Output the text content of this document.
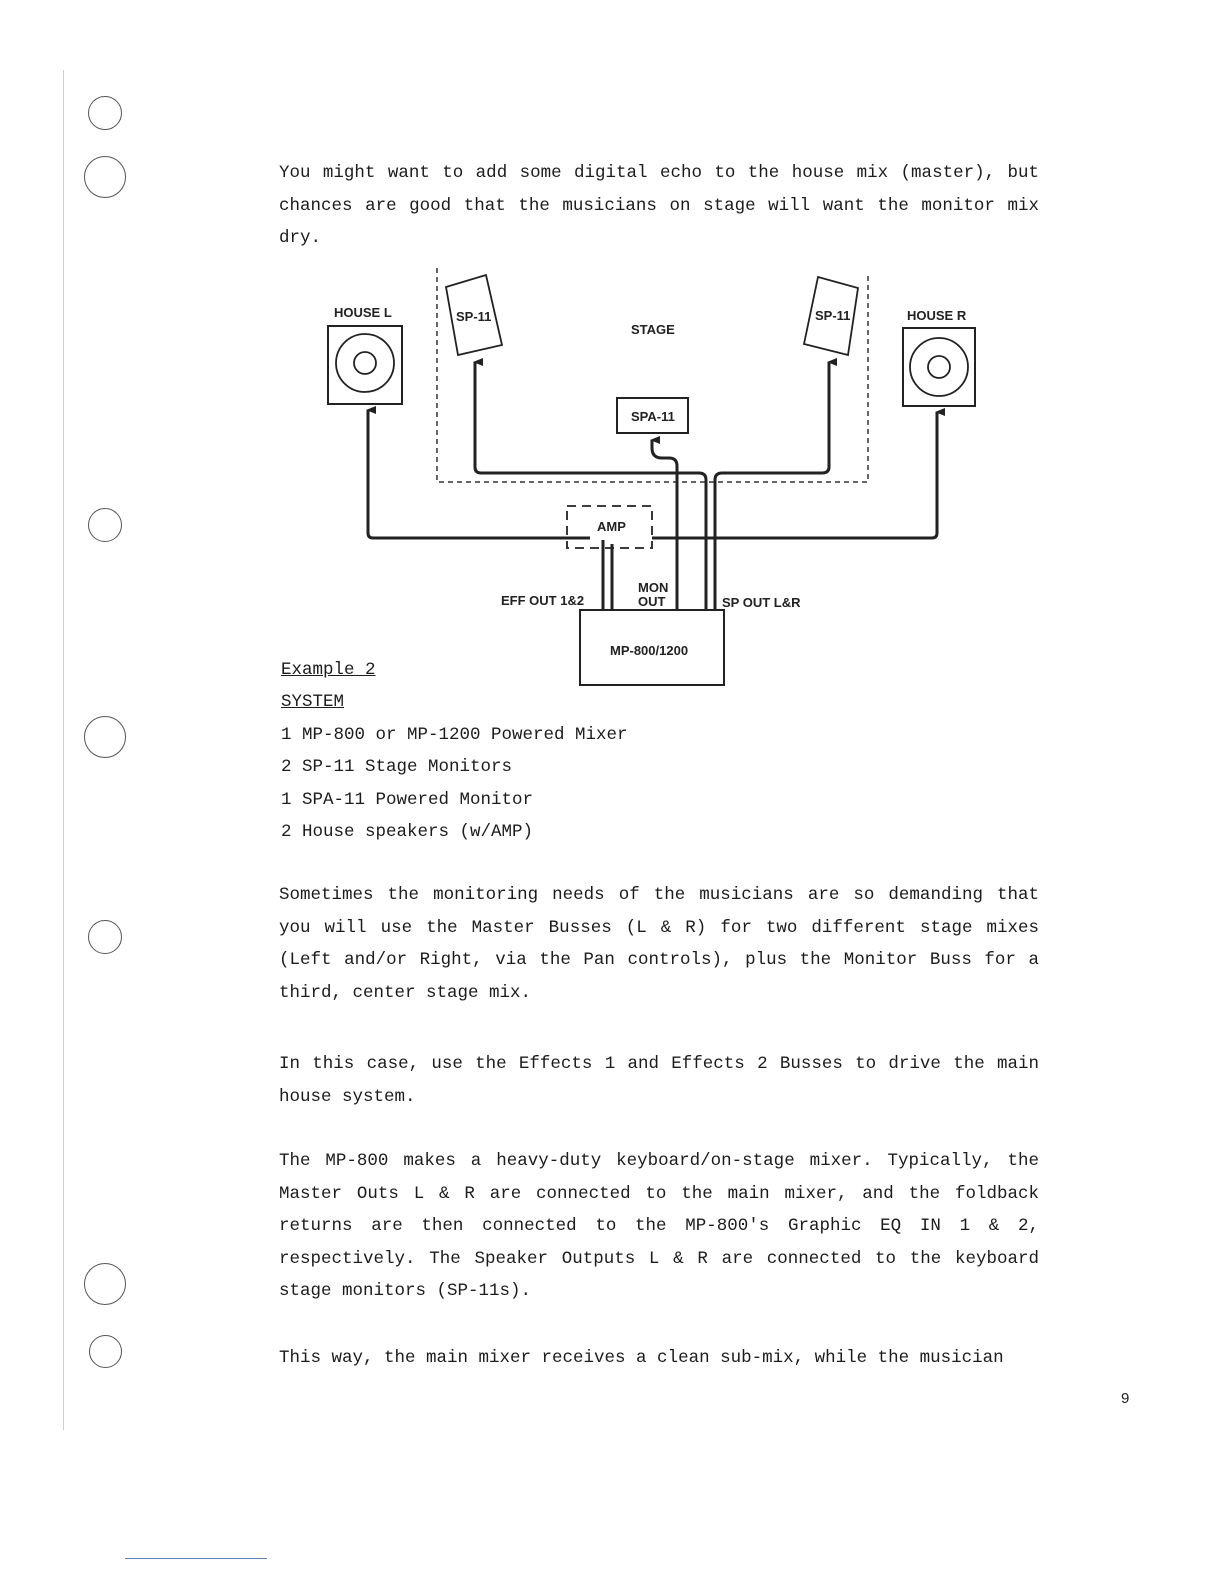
You might want to add some digital echo to the house mix (master), but chances are good that the musicians on stage will want the monitor mix dry.

HOUSE L	HOUSE R
SP-11	SP-11
STAGE
SPA-11
AMP
MP-800/1200
EFF OUT 1&2
MON
OUT	SP OUT L&R
Example 2
SYSTEM
1 MP-800 or MP-1200 Powered Mixer
2 SP-11 Stage Monitors
1 SPA-11 Powered Monitor
2 House speakers (w/AMP)

Sometimes the monitoring needs of the musicians are so demanding that you will use the Master Busses (L & R) for two different stage mixes (Left and/or Right, via the Pan controls), plus the Monitor Buss for a third, center stage mix.

In this case, use the Effects 1 and Effects 2 Busses to drive the main house system.

The MP-800 makes a heavy-duty keyboard/on-stage mixer. Typically, the Master Outs L & R are connected to the main mixer, and the foldback returns are then connected to the MP-800's Graphic EQ IN 1 & 2, respectively. The Speaker Outputs L & R are connected to the keyboard stage monitors (SP-11s).

This way, the main mixer receives a clean sub-mix, while the musician

9
